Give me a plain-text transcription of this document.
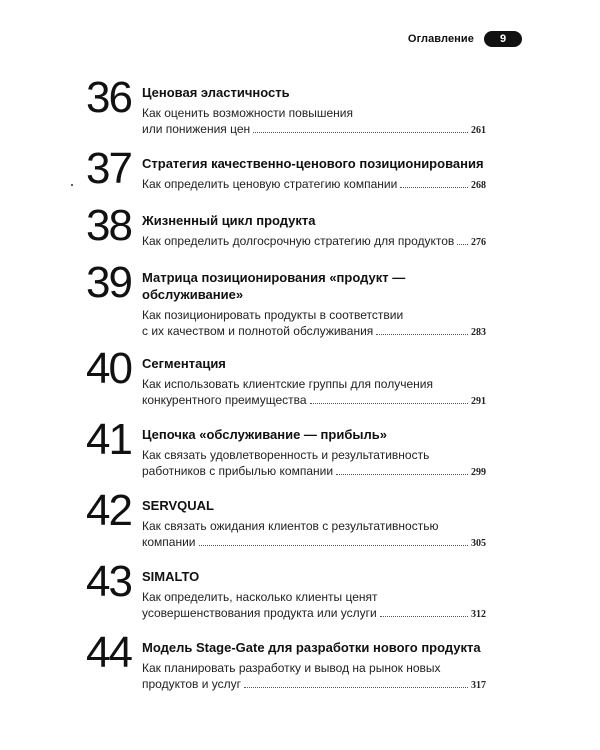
Оглавление	9
36 Ценовая эластичность
Как оценить возможности повышения
или понижения цен	261
37 Стратегия качественно-ценового позиционирования
Как определить ценовую стратегию компании	268
38 Жизненный цикл продукта
Как определить долгосрочную стратегию для продуктов 276
39 Матрица позиционирования «продукт — обслуживание»
Как позиционировать продукты в соответствии
с их качеством и полнотой обслуживания	283
40 Сегментация
Как использовать клиентские группы для получения
конкурентного преимущества	291
41 Цепочка «обслуживание — прибыль»
Как связать удовлетворенность и результативность
работников с прибылью компании	299
42 SERVQUAL
Как связать ожидания клиентов с результативностью
компании	305
43 SIMALTO
Как определить, насколько клиенты ценят
усовершенствования продукта или услуги	312
44 Модель Stage-Gate для разработки нового продукта
Как планировать разработку и вывод на рынок новых
продуктов и услуг	317
